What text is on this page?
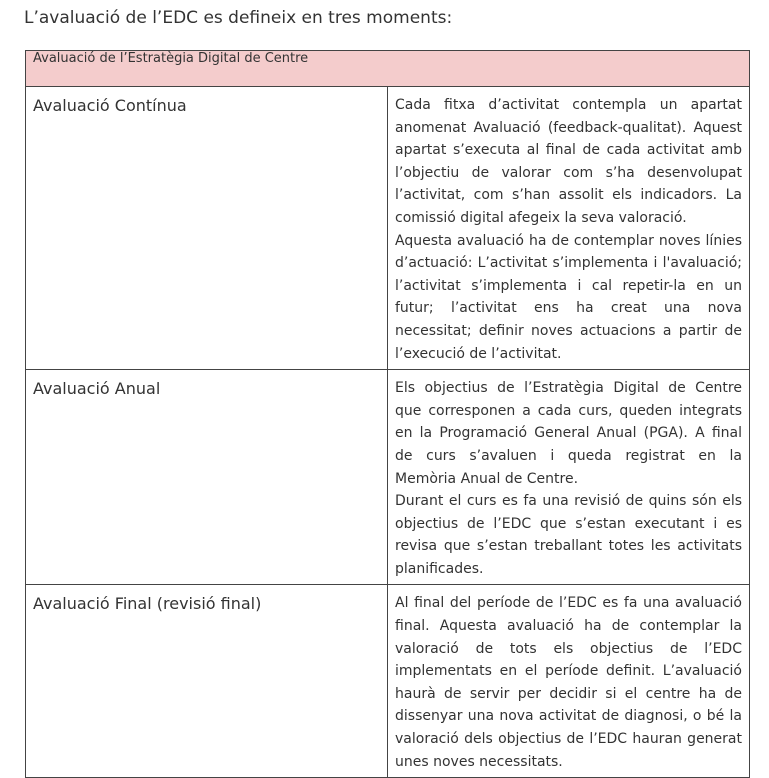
L’avaluació de l’EDC es defineix en tres moments:
Avaluació de l’Estratègia Digital de Centre	
Avaluació Contínua	Cada fitxa d’activitat contempla un apartat anomenat Avaluació (feedback-qualitat). Aquest apartat s’executa al final de cada activitat amb l’objectiu de valorar com s’ha desenvolupat l’activitat, com s’han assolit els indicadors. La comissió digital afegeix la seva valoració.

Aquesta avaluació ha de contemplar noves línies d’actuació: L’activitat s’implementa i l'avaluació; l’activitat s’implementa i cal repetir-la en un futur; l’activitat ens ha creat una nova necessitat; definir noves actuacions a partir de l’execució de l’activitat.

Avaluació Anual	Els objectius de l’Estratègia Digital de Centre que corresponen a cada curs, queden integrats en la Programació General Anual (PGA). A final de curs s’avaluen i queda registrat en la Memòria Anual de Centre.

Durant el curs es fa una revisió de quins són els objectius de l’EDC que s’estan executant i es revisa que s’estan treballant totes les activitats planificades.

Avaluació Final (revisió final)	Al final del període de l’EDC es fa una avaluació final. Aquesta avaluació ha de contemplar la valoració de tots els objectius de l’EDC implementats en el període definit. L’avaluació haurà de servir per decidir si el centre ha de dissenyar una nova activitat de diagnosi, o bé la valoració dels objectius de l’EDC hauran generat unes noves necessitats.
